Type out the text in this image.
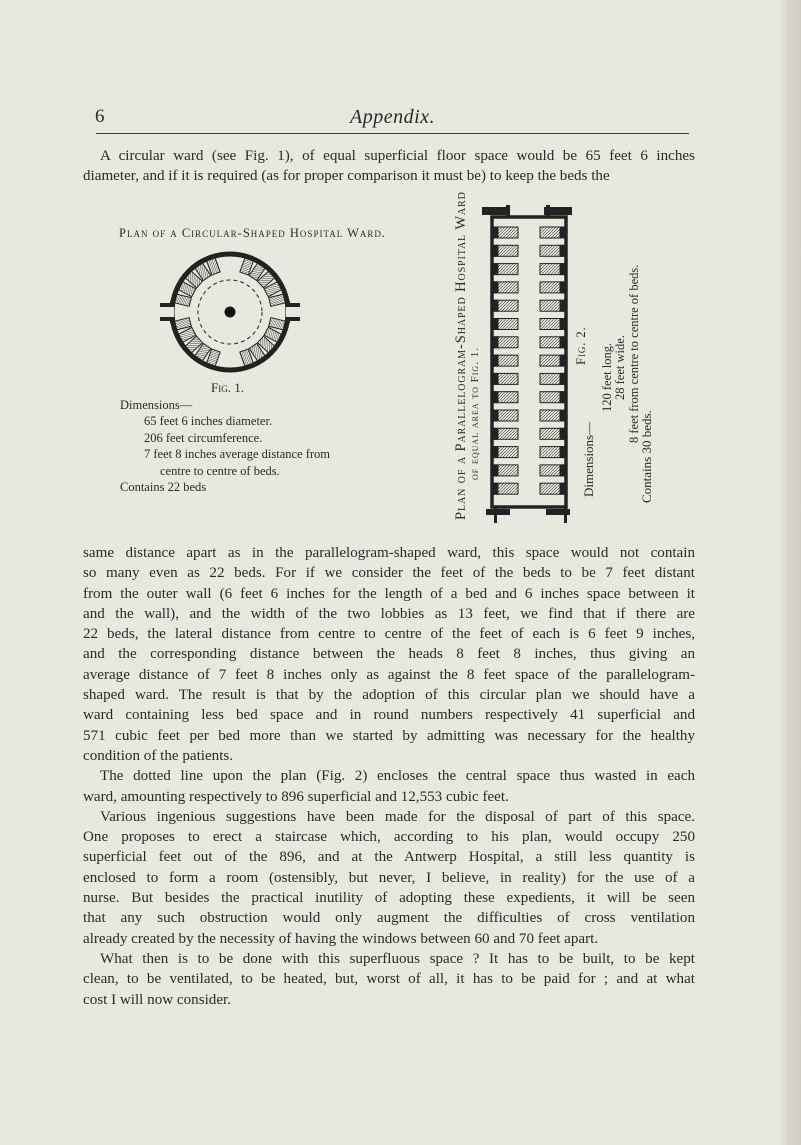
6	Appendix.
A circular ward (see Fig. 1), of equal superficial floor space would be 65 feet 6 inches
diameter, and if it is required (as for proper comparison it must be) to keep the beds the
Plan of a Circular-Shaped Hospital Ward.
Fig. 1.
Dimensions—
65 feet 6 inches diameter.
206 feet circumference.
7 feet 8 inches average distance from
centre to centre of beds.
Contains 22 beds	Plan of a Parallelogram-Shaped Hospital Ward of equal area to Fig. 1.
Fig. 2.
Dimensions—
120 feet long. 28 feet wide. 8 feet from centre to centre of beds.
Contains 30 beds.
same distance apart as in the parallelogram-shaped ward, this space would not contain
so many even as 22 beds. For if we consider the feet of the beds to be 7 feet distant
from the outer wall (6 feet 6 inches for the length of a bed and 6 inches space between it
and the wall), and the width of the two lobbies as 13 feet, we find that if there are
22 beds, the lateral distance from centre to centre of the feet of each is 6 feet 9 inches,
and the corresponding distance between the heads 8 feet 8 inches, thus giving an
average distance of 7 feet 8 inches only as against the 8 feet space of the parallelogram-
shaped ward. The result is that by the adoption of this circular plan we should have a
ward containing less bed space and in round numbers respectively 41 superficial and
571 cubic feet per bed more than we started by admitting was necessary for the healthy
condition of the patients.
The dotted line upon the plan (Fig. 2) encloses the central space thus wasted in each
ward, amounting respectively to 896 superficial and 12,553 cubic feet.
Various ingenious suggestions have been made for the disposal of part of this space.
One proposes to erect a staircase which, according to his plan, would occupy 250
superficial feet out of the 896, and at the Antwerp Hospital, a still less quantity is
enclosed to form a room (ostensibly, but never, I believe, in reality) for the use of a
nurse. But besides the practical inutility of adopting these expedients, it will be seen
that any such obstruction would only augment the difficulties of cross ventilation
already created by the necessity of having the windows between 60 and 70 feet apart.
What then is to be done with this superfluous space ? It has to be built, to be kept
clean, to be ventilated, to be heated, but, worst of all, it has to be paid for ; and at what
cost I will now consider.
